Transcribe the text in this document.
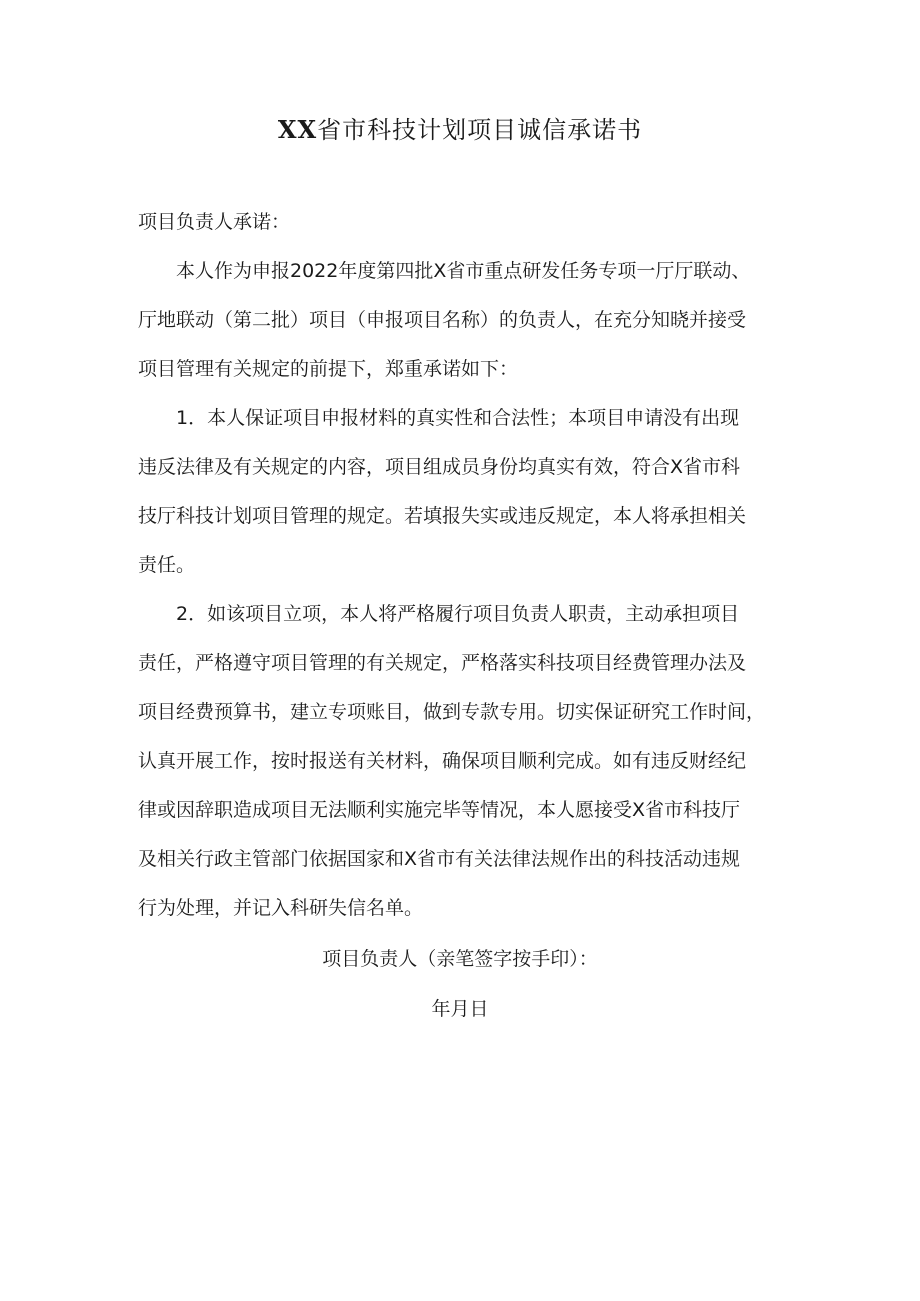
XX省市科技计划项目诚信承诺书

项目负责人承诺：

本人作为申报2022年度第四批X省市重点研发任务专项一厅厅联动、
厅地联动（第二批）项目（申报项目名称）的负责人，在充分知晓并接受
项目管理有关规定的前提下，郑重承诺如下：
1．本人保证项目申报材料的真实性和合法性；本项目申请没有出现
违反法律及有关规定的内容，项目组成员身份均真实有效，符合X省市科
技厅科技计划项目管理的规定。若填报失实或违反规定，本人将承担相关
责任。
2．如该项目立项，本人将严格履行项目负责人职责，主动承担项目
责任，严格遵守项目管理的有关规定，严格落实科技项目经费管理办法及
项目经费预算书，建立专项账目，做到专款专用。切实保证研究工作时间，
认真开展工作，按时报送有关材料，确保项目顺利完成。如有违反财经纪
律或因辞职造成项目无法顺利实施完毕等情况，本人愿接受X省市科技厅
及相关行政主管部门依据国家和X省市有关法律法规作出的科技活动违规
行为处理，并记入科研失信名单。

项目负责人（亲笔签字按手印）：

年月日
